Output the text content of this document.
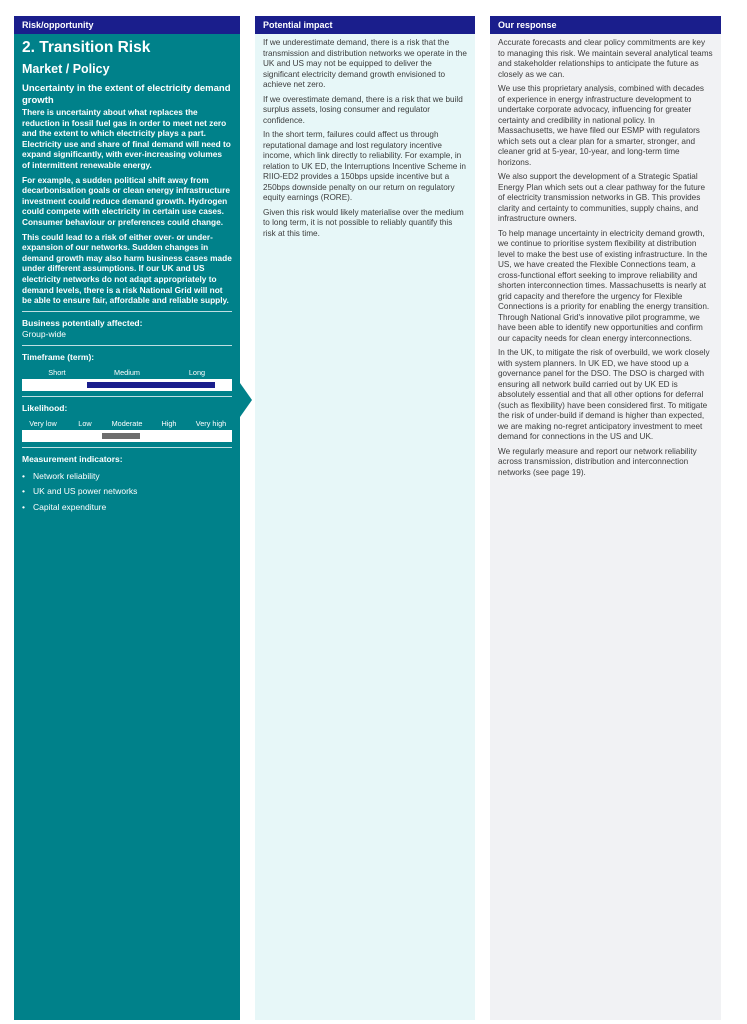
Risk/opportunity
2. Transition Risk
Market / Policy
Uncertainty in the extent of electricity demand growth

There is uncertainty about what replaces the reduction in fossil fuel gas in order to meet net zero and the extent to which electricity plays a part. Electricity use and share of final demand will need to expand significantly, with ever-increasing volumes of intermittent renewable energy.

For example, a sudden political shift away from decarbonisation goals or clean energy infrastructure investment could reduce demand growth. Hydrogen could compete with electricity in certain use cases. Consumer behaviour or preferences could change.

This could lead to a risk of either over- or under-expansion of our networks. Sudden changes in demand growth may also harm business cases made under different assumptions. If our UK and US electricity networks do not adapt appropriately to demand levels, there is a risk National Grid will not be able to ensure fair, affordable and reliable supply.

Business potentially affected:
Group-wide
Timeframe (term):
Short	Medium	Long
Likelihood:
Very low	Low	Moderate	High	Very high
Measurement indicators:
• Network reliability
• UK and US power networks
• Capital expenditure
Potential impact

If we underestimate demand, there is a risk that the transmission and distribution networks we operate in the UK and US may not be equipped to deliver the significant electricity demand growth envisioned to achieve net zero.

If we overestimate demand, there is a risk that we build surplus assets, losing consumer and regulator confidence.

In the short term, failures could affect us through reputational damage and lost regulatory incentive income, which link directly to reliability. For example, in relation to UK ED, the Interruptions Incentive Scheme in RIIO-ED2 provides a 150bps upside incentive but a 250bps downside penalty on our return on regulatory equity earnings (RORE).

Given this risk would likely materialise over the medium to long term, it is not possible to reliably quantify this risk at this time.

Our response

Accurate forecasts and clear policy commitments are key to managing this risk. We maintain several analytical teams and stakeholder relationships to anticipate the future as closely as we can.

We use this proprietary analysis, combined with decades of experience in energy infrastructure development to undertake corporate advocacy, influencing for greater certainty and credibility in national policy. In Massachusetts, we have filed our ESMP with regulators which sets out a clear plan for a smarter, stronger, and cleaner grid at 5-year, 10-year, and long-term time horizons.

We also support the development of a Strategic Spatial Energy Plan which sets out a clear pathway for the future of electricity transmission networks in GB. This provides clarity and certainty to communities, supply chains, and infrastructure owners.

To help manage uncertainty in electricity demand growth, we continue to prioritise system flexibility at distribution level to make the best use of existing infrastructure. In the US, we have created the Flexible Connections team, a cross-functional effort seeking to improve reliability and shorten interconnection times. Massachusetts is nearly at grid capacity and therefore the urgency for Flexible Connections is a priority for enabling the energy transition. Through National Grid's innovative pilot programme, we have been able to identify new opportunities and confirm our capacity needs for clean energy interconnections.

In the UK, to mitigate the risk of overbuild, we work closely with system planners. In UK ED, we have stood up a governance panel for the DSO. The DSO is charged with ensuring all network build carried out by UK ED is absolutely essential and that all other options for deferral (such as flexibility) have been considered first. To mitigate the risk of under-build if demand is higher than expected, we are making no-regret anticipatory investment to meet demand for connections in the US and UK.

We regularly measure and report our network reliability across transmission, distribution and interconnection networks (see page 19).
